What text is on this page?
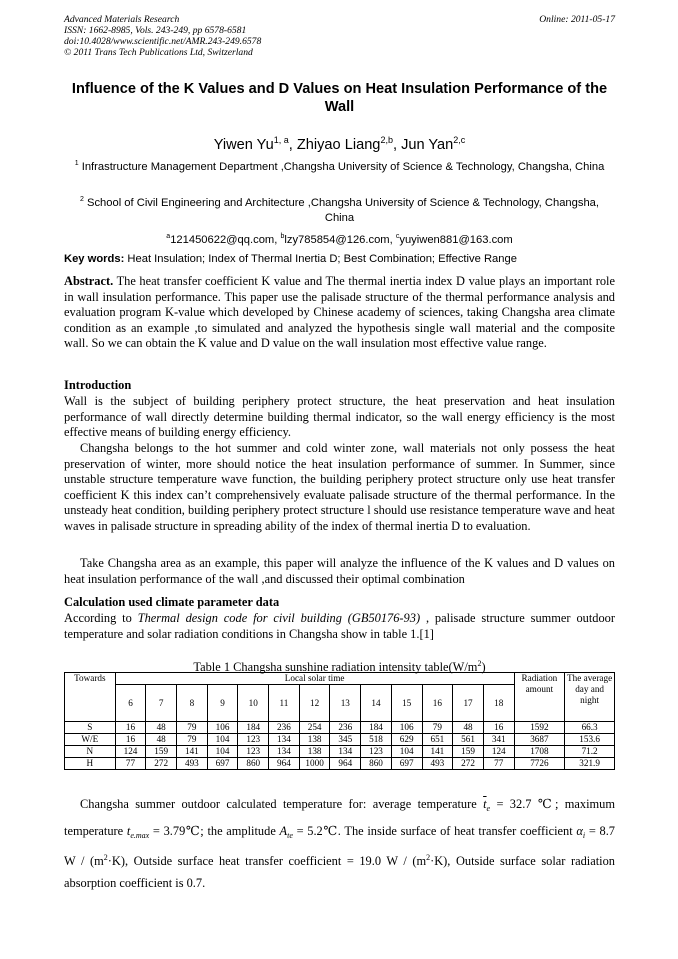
Advanced Materials Research	Online: 2011-05-17
ISSN: 1662-8985, Vols. 243-249, pp 6578-6581
doi:10.4028/www.scientific.net/AMR.243-249.6578
© 2011 Trans Tech Publications Ltd, Switzerland
Influence of the K Values and D Values on Heat Insulation Performance of the Wall
Yiwen Yu$^{1, a}$, Zhiyao Liang$^{2,b}$, Jun Yan$^{2,c}$
$^1$ Infrastructure Management Department ,Changsha University of Science & Technology, Changsha, China
$^2$ School of Civil Engineering and Architecture ,Changsha University of Science & Technology, Changsha, China
$^a$121450622@qq.com, $^b$lzy785854@126.com, $^c$yuyiwen881@163.com
Key words: Heat Insulation; Index of Thermal Inertia D; Best Combination; Effective Range
Abstract. The heat transfer coefficient K value and The thermal inertia index D value plays an important role in wall insulation performance. This paper use the palisade structure of the thermal performance analysis and evaluation program K-value which developed by Chinese academy of sciences, taking Changsha area climate condition as an example ,to simulated and analyzed the hypothesis single wall material and the composite wall. So we can obtain the K value and D value on the wall insulation most effective value range.
Introduction
Wall is the subject of building periphery protect structure, the heat preservation and heat insulation performance of wall directly determine building thermal indicator, so the wall energy efficiency is the most effective means of building energy efficiency.
Changsha belongs to the hot summer and cold winter zone, wall materials not only possess the heat preservation of winter, more should notice the heat insulation performance of summer. In Summer, since unstable structure temperature wave function, the building periphery protect structure only use heat transfer coefficient K this index can’t comprehensively evaluate palisade structure of the thermal performance. In the unsteady heat condition, building periphery protect structure l should use resistance temperature wave and heat waves in palisade structure in spreading ability of the index of thermal inertia D to evaluation.
Take Changsha area as an example, this paper will analyze the influence of the K values and D values on heat insulation performance of the wall ,and discussed their optimal combination
Calculation used climate parameter data
According to Thermal design code for civil building (GB50176-93) , palisade structure summer outdoor temperature and solar radiation conditions in Changsha show in table 1.[1]
Table 1 Changsha sunshine radiation intensity $table(W/m^2)$
Towards	Local solar time													Radiation amount	The average day and night
	6	7	8	9	10	11	12	13	14	15	16	17	18		
S	16	48	79	106	184	236	254	236	184	106	79	48	16	1592	66.3
W/E	16	48	79	104	123	134	138	345	518	629	651	561	341	3687	153.6
N	124	159	141	104	123	134	138	134	123	104	141	159	124	1708	71.2
H	77	272	493	697	860	964	1000	964	860	697	493	272	77	7726	321.9
Changsha summer outdoor calculated temperature for: average temperature $\overline{t}_e = 32.7$ ℃; maximum temperature $t_{e.max}$ = 3.79℃; the amplitude $A_{te}$ = 5.2℃. The inside surface of heat transfer coefficient $\alpha_i = 8.7$ $W / (m^2\cdot K)$, Outside surface heat transfer coefficient = 19.0 $W / (m^2\cdot K)$, Outside surface solar radiation absorption coefficient is 0.7.
